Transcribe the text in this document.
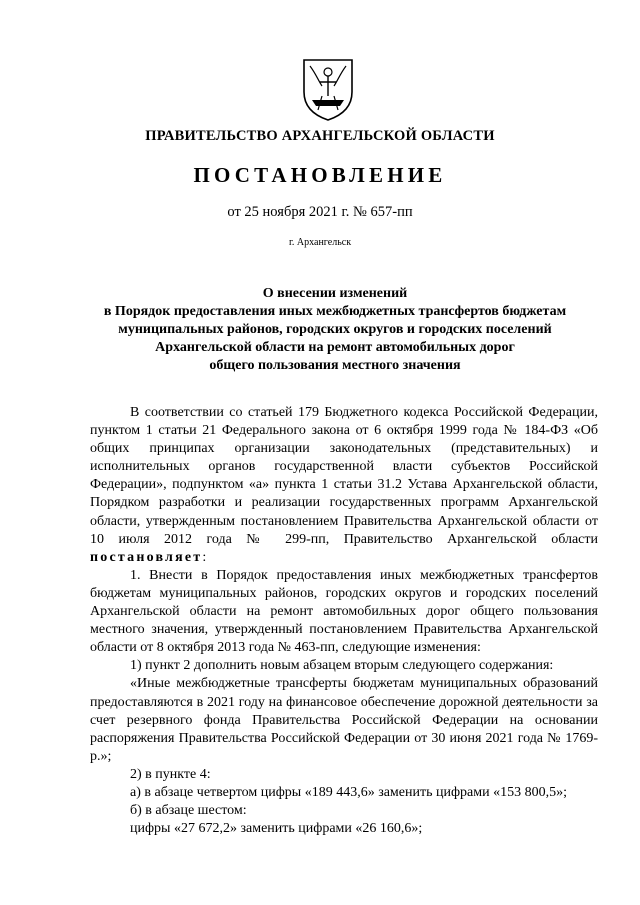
ПРАВИТЕЛЬСТВО АРХАНГЕЛЬСКОЙ ОБЛАСТИ
ПОСТАНОВЛЕНИЕ
от 25 ноября 2021 г. № 657-пп
г. Архангельск
О внесении изменений
в Порядок предоставления иных межбюджетных трансфертов бюджетам
муниципальных районов, городских округов и городских поселений
Архангельской области на ремонт автомобильных дорог
общего пользования местного значения

В соответствии со статьей 179 Бюджетного кодекса Российской Федерации, пунктом 1 статьи 21 Федерального закона от 6 октября 1999 года № 184-ФЗ «Об общих принципах организации законодательных (представительных) и исполнительных органов государственной власти субъектов Российской Федерации», подпунктом «а» пункта 1 статьи 31.2 Устава Архангельской области, Порядком разработки и реализации государственных программ Архангельской области, утвержденным постановлением Правительства Архангельской области от 10 июля 2012 года № 299-пп, Правительство Архангельской области постановляет:

1. Внести в Порядок предоставления иных межбюджетных трансфертов бюджетам муниципальных районов, городских округов и городских поселений Архангельской области на ремонт автомобильных дорог общего пользования местного значения, утвержденный постановлением Правительства Архангельской области от 8 октября 2013 года № 463-пп, следующие изменения:

1) пункт 2 дополнить новым абзацем вторым следующего содержания:

«Иные межбюджетные трансферты бюджетам муниципальных образований предоставляются в 2021 году на финансовое обеспечение дорожной деятельности за счет резервного фонда Правительства Российской Федерации на основании распоряжения Правительства Российской Федерации от 30 июня 2021 года № 1769-р.»;

2) в пункте 4:

а) в абзаце четвертом цифры «189 443,6» заменить цифрами «153 800,5»;

б) в абзаце шестом:

цифры «27 672,2» заменить цифрами «26 160,6»;
